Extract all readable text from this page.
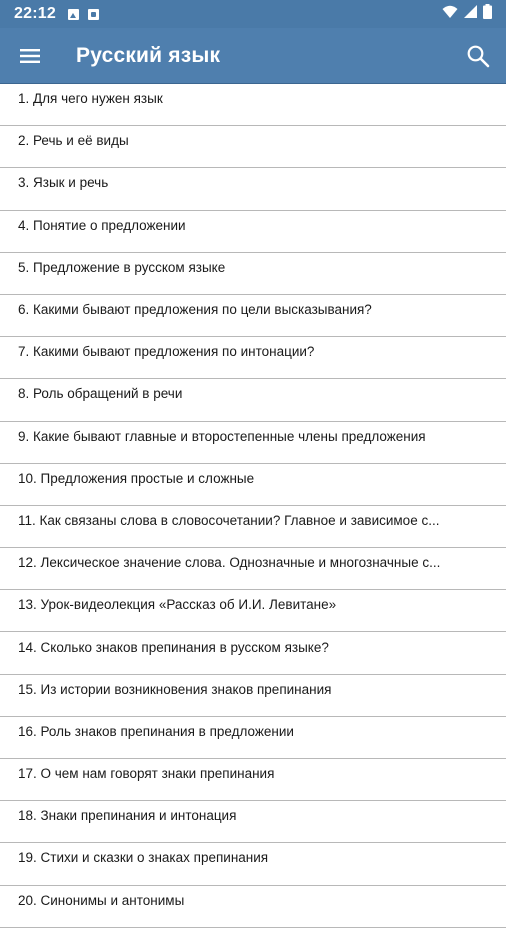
22:12
Русский язык
1. Для чего нужен язык
2. Речь и её виды
3. Язык и речь
4. Понятие о предложении
5. Предложение в русском языке
6. Какими бывают предложения по цели высказывания?
7. Какими бывают предложения по интонации?
8. Роль обращений в речи
9. Какие бывают главные и второстепенные члены предложения
10. Предложения простые и сложные
11. Как связаны слова в словосочетании? Главное и зависимое с...
12. Лексическое значение слова. Однозначные и многозначные с...
13. Урок-видеолекция «Рассказ об И.И. Левитане»
14. Сколько знаков препинания в русском языке?
15. Из истории возникновения знаков препинания
16. Роль знаков препинания в предложении
17. О чем нам говорят знаки препинания
18. Знаки препинания и интонация
19. Стихи и сказки о знаках препинания
20. Синонимы и антонимы
